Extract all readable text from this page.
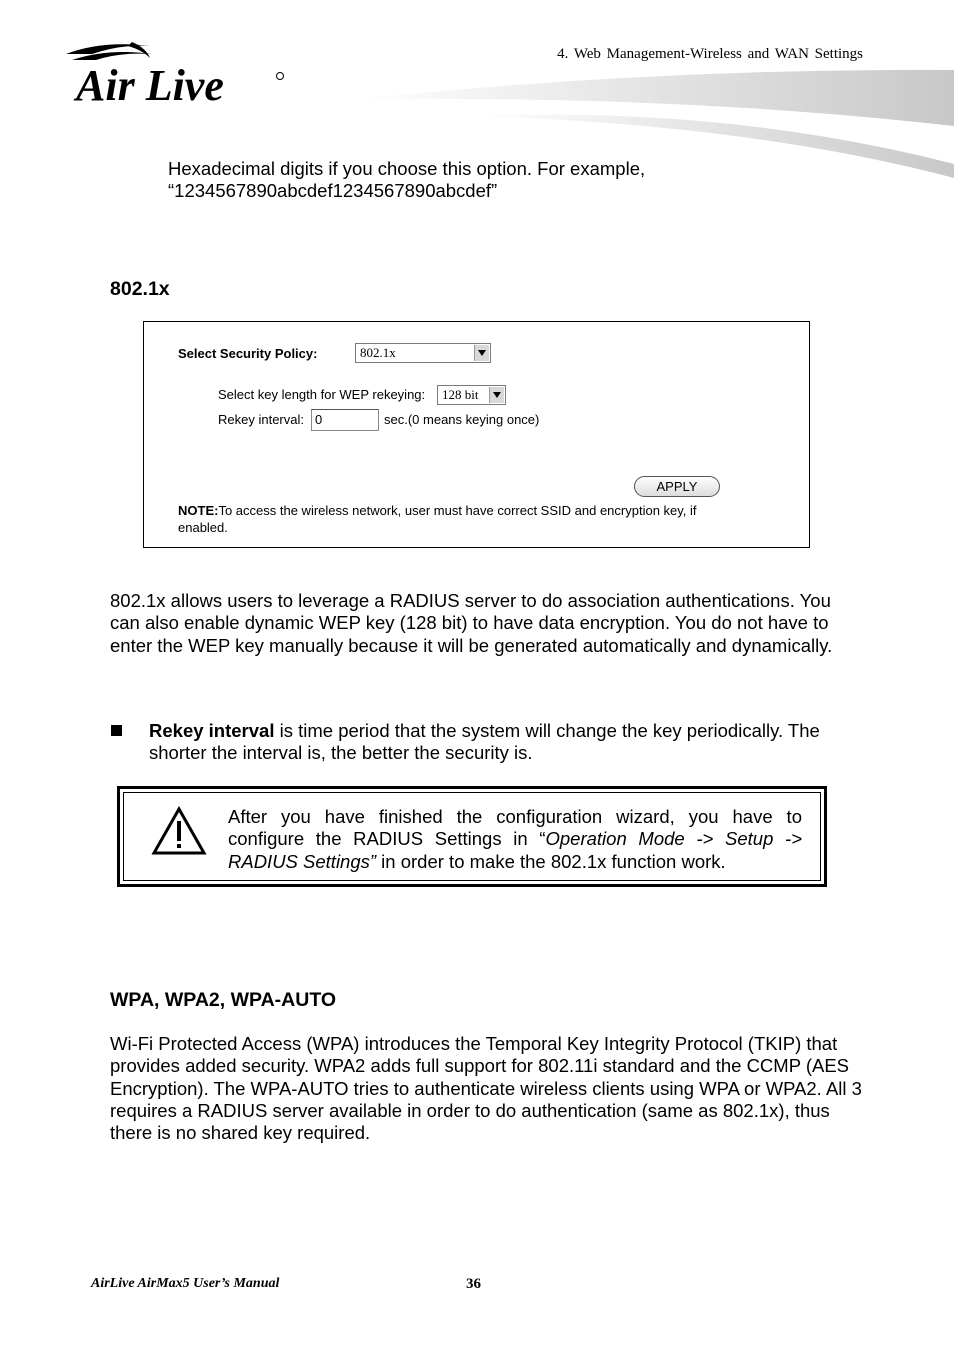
Air Live
4. Web Management-Wireless and WAN Settings
Hexadecimal digits if you choose this option. For example,
“1234567890abcdef1234567890abcdef”
802.1x
Select Security Policy:	802.1x
Select key length for WEP rekeying:	128 bit
Rekey interval: 0	sec.(0 means keying once)
APPLY
NOTE:To access the wireless network, user must have correct SSID and encryption key, if enabled.
802.1x allows users to leverage a RADIUS server to do association authentications. You can also enable dynamic WEP key (128 bit) to have data encryption. You do not have to enter the WEP key manually because it will be generated automatically and dynamically.
Rekey interval is time period that the system will change the key periodically. The shorter the interval is, the better the security is.
After you have finished the configuration wizard, you have to configure the RADIUS Settings in “Operation Mode -> Setup -> RADIUS Settings” in order to make the 802.1x function work.
WPA, WPA2, WPA-AUTO
Wi-Fi Protected Access (WPA) introduces the Temporal Key Integrity Protocol (TKIP) that provides added security. WPA2 adds full support for 802.11i standard and the CCMP (AES Encryption). The WPA-AUTO tries to authenticate wireless clients using WPA or WPA2. All 3 requires a RADIUS server available in order to do authentication (same as 802.1x), thus there is no shared key required.
AirLive AirMax5 User’s Manual	36
